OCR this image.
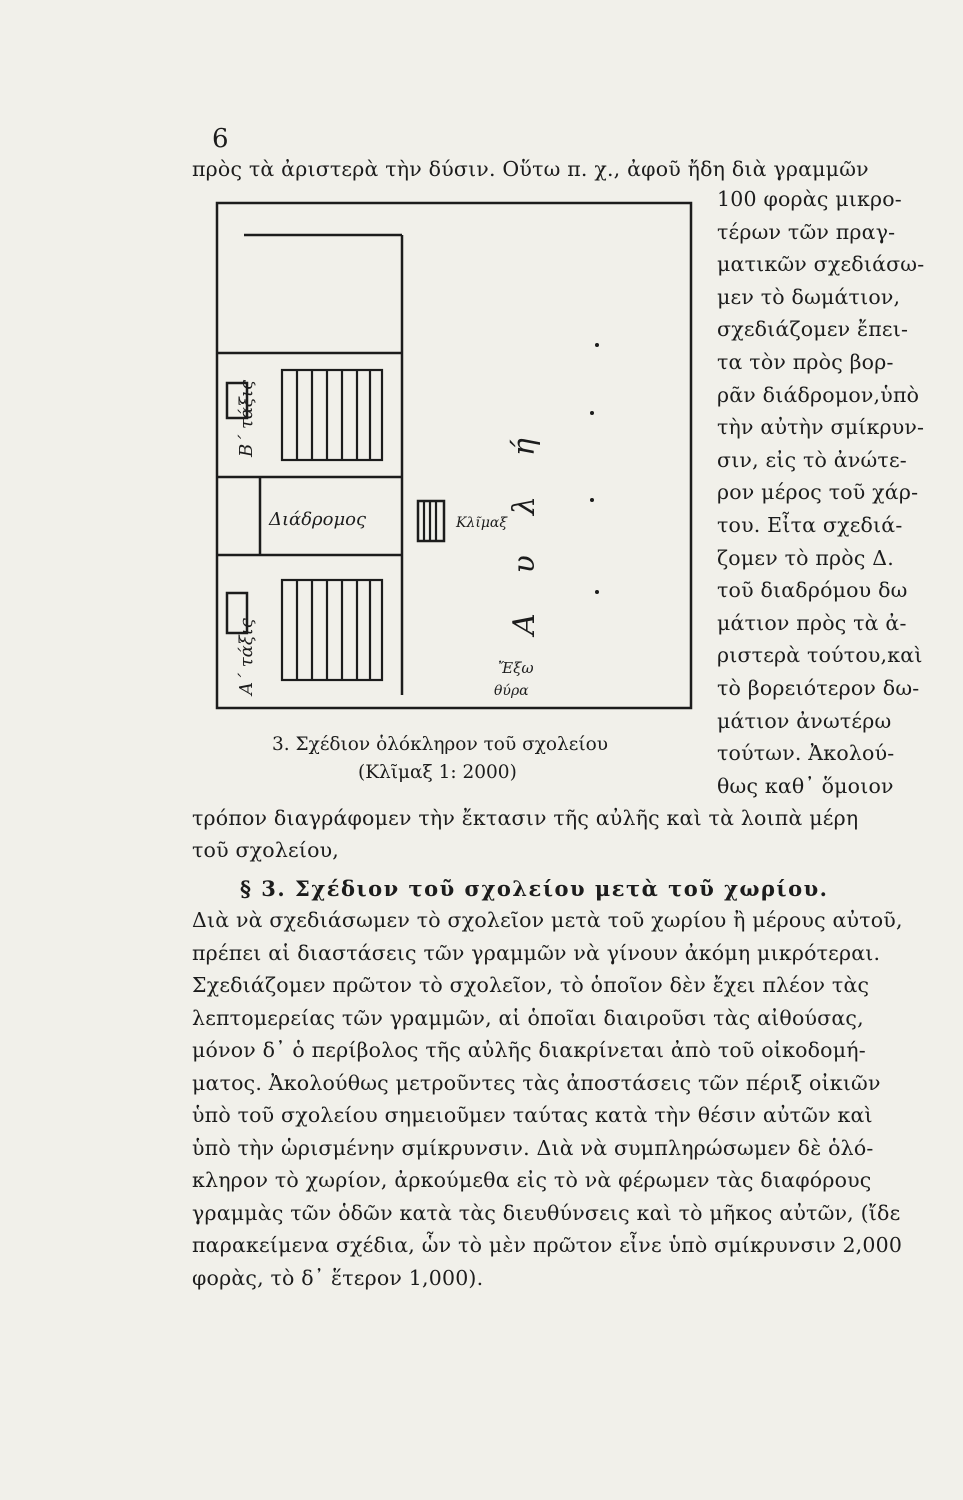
6
πρὸς τὰ ἀριστερὰ τὴν δύσιν. Οὕτω π. χ., ἀφοῦ ἤδη διὰ γραμμῶν
Β΄ τάξις
Διάδρομος	Κλῖμαξ
Α΄ τάξις
Αυλή
Ἔξω
θύρα
3. Σχέδιον ὁλόκληρον τοῦ σχολείου
(Κλῖμαξ 1: 2000)
100 φορὰς μικρο-
τέρων τῶν πραγ-
ματικῶν σχεδιάσω-
μεν τὸ δωμάτιον,
σχεδιάζομεν ἔπει-
τα τὸν πρὸς βορ-
ρᾶν διάδρομον,ὑπὸ
τὴν αὐτὴν σμίκρυν-
σιν, εἰς τὸ ἀνώτε-
ρον μέρος τοῦ χάρ-
του. Εἶτα σχεδιά-
ζομεν τὸ πρὸς Δ.
τοῦ διαδρόμου δω
μάτιον πρὸς τὰ ἀ-
ριστερὰ τούτου,καὶ
τὸ βορειότερον δω-
μάτιον ἀνωτέρω
τούτων. Ἀκολού-
θως καθ᾽ ὅμοιον
τρόπον διαγράφομεν τὴν ἔκτασιν τῆς αὐλῆς καὶ τὰ λοιπὰ μέρη
τοῦ σχολείου,
§ 3. Σχέδιον τοῦ σχολείου μετὰ τοῦ χωρίου.
Διὰ νὰ σχεδιάσωμεν τὸ σχολεῖον μετὰ τοῦ χωρίου ἢ μέρους αὐτοῦ,
πρέπει αἱ διαστάσεις τῶν γραμμῶν νὰ γίνουν ἀκόμη μικρότεραι.
Σχεδιάζομεν πρῶτον τὸ σχολεῖον, τὸ ὁποῖον δὲν ἔχει πλέον τὰς
λεπτομερείας τῶν γραμμῶν, αἱ ὁποῖαι διαιροῦσι τὰς αἰθούσας,
μόνον δ᾽ ὁ περίβολος τῆς αὐλῆς διακρίνεται ἀπὸ τοῦ οἰκοδομή-
ματος. Ἀκολούθως μετροῦντες τὰς ἀποστάσεις τῶν πέριξ οἰκιῶν
ὑπὸ τοῦ σχολείου σημειοῦμεν ταύτας κατὰ τὴν θέσιν αὐτῶν καὶ
ὑπὸ τὴν ὡρισμένην σμίκρυνσιν. Διὰ νὰ συμπληρώσωμεν δὲ ὁλό-
κληρον τὸ χωρίον, ἀρκούμεθα εἰς τὸ νὰ φέρωμεν τὰς διαφόρους
γραμμὰς τῶν ὁδῶν κατὰ τὰς διευθύνσεις καὶ τὸ μῆκος αὐτῶν, (ἴδε
παρακείμενα σχέδια, ὧν τὸ μὲν πρῶτον εἶνε ὑπὸ σμίκρυνσιν 2,000
φορὰς, τὸ δ᾽ ἕτερον 1,000).
